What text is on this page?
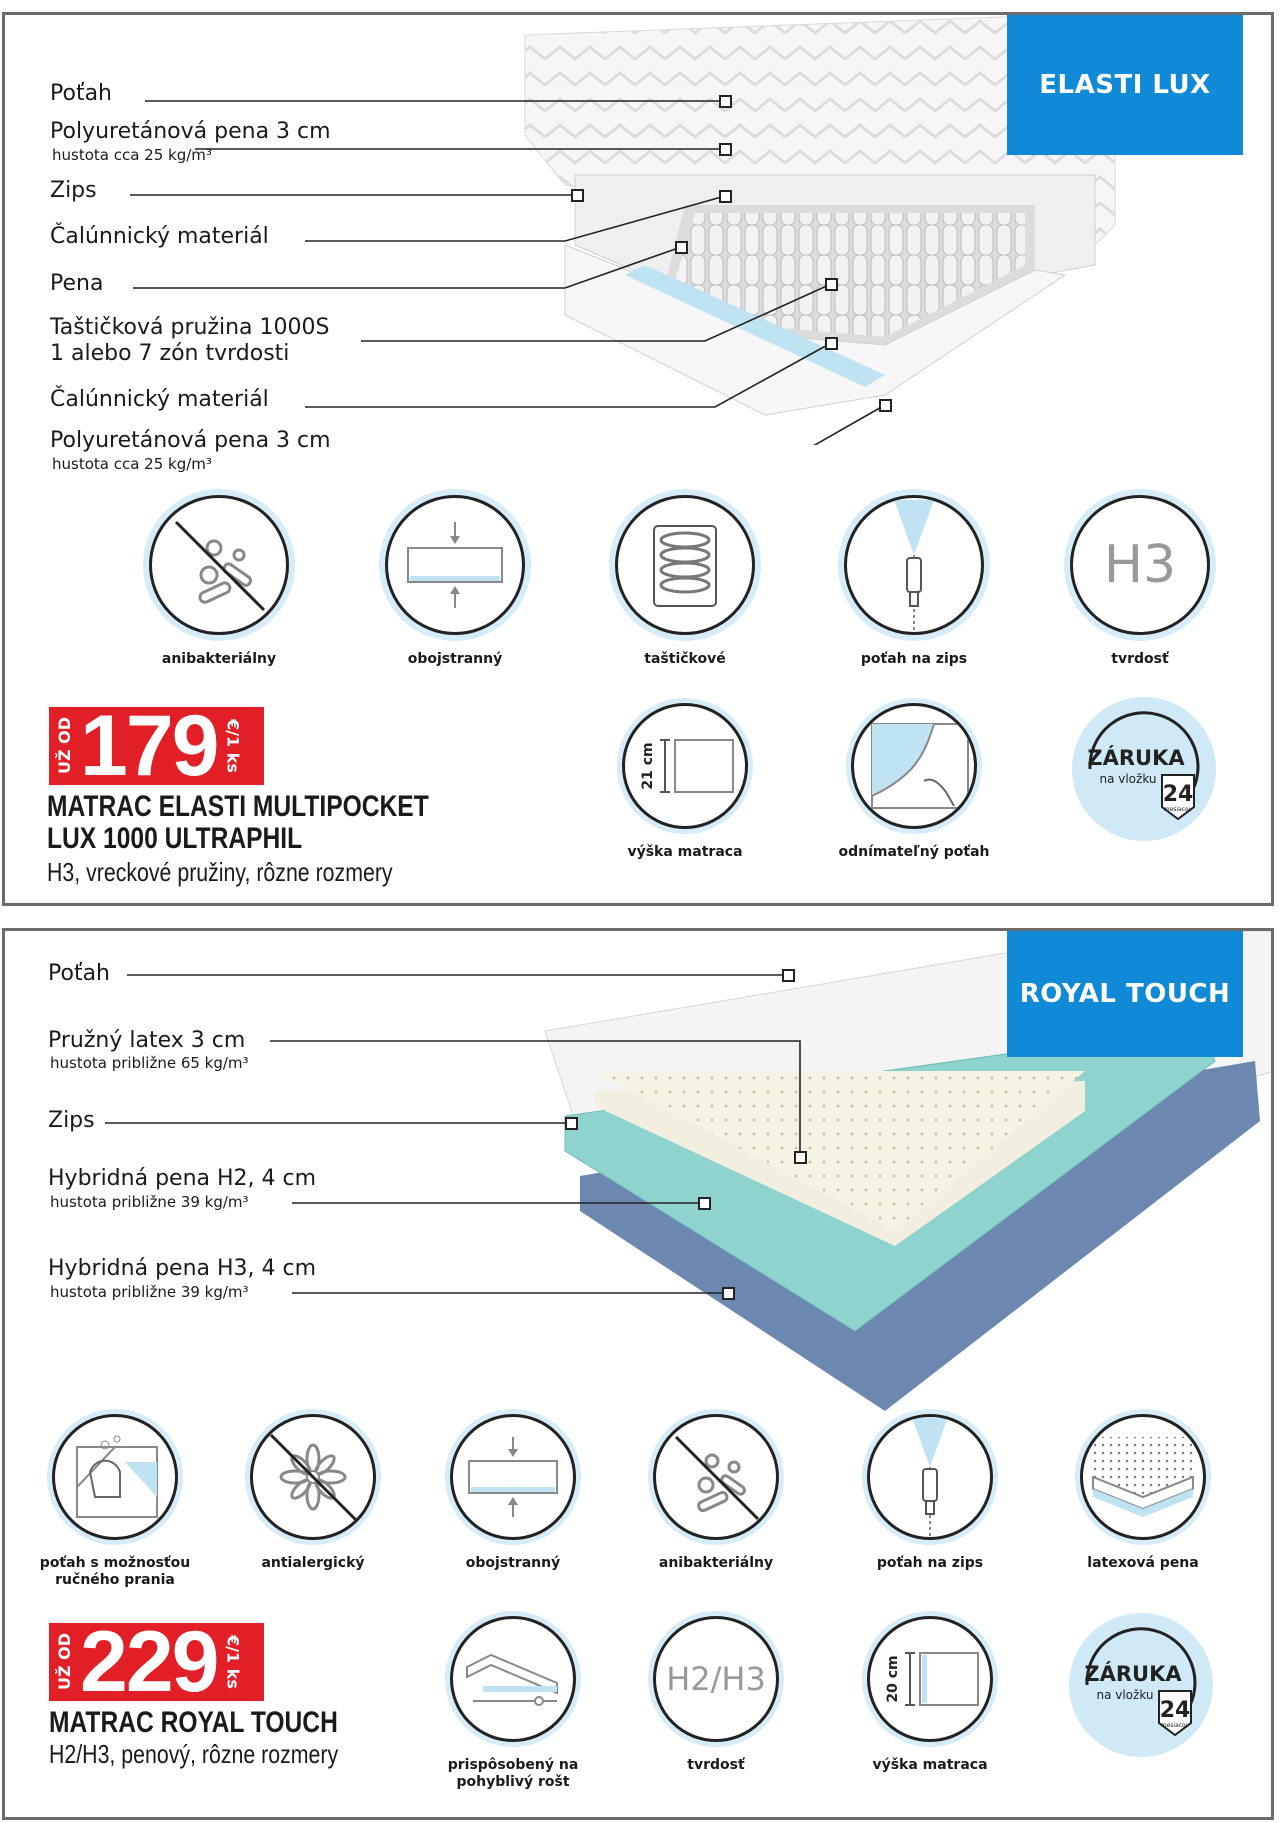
ELASTI LUX
Poťah
Polyuretánová pena 3 cm
hustota cca 25 kg/m³
Zips
Čalúnnický materiál
Pena
Taštičková pružina 1000S
1 alebo 7 zón tvrdosti
Čalúnnický materiál
Polyuretánová pena 3 cm
hustota cca 25 kg/m³
anibakteriálny	obojstranný	taštičkové	poťah na zips
H3
tvrdosť
21 cm
výška matraca	odnímateľný poťah
ZÁRUKA
na vložku
24
mesiacov
UŽ OD 179 €/1 ks
MATRAC ELASTI MULTIPOCKET
LUX 1000 ULTRAPHIL
H3, vreckové pružiny, rôzne rozmery
ROYAL TOUCH
Poťah
Pružný latex 3 cm
hustota približne 65 kg/m³
Zips
Hybridná pena H2, 4 cm
hustota približne 39 kg/m³
Hybridná pena H3, 4 cm
hustota približne 39 kg/m³
poťah s možnosťou ručného prania
antialergický	obojstranný	anibakteriálny	poťah na zips	latexová pena
prispôsobený na pohyblivý rošt
H2/H3
tvrdosť
20 cm
výška matraca
ZÁRUKA
na vložku
24
mesiacov
UŽ OD 229 €/1 ks
MATRAC ROYAL TOUCH
H2/H3, penový, rôzne rozmery
